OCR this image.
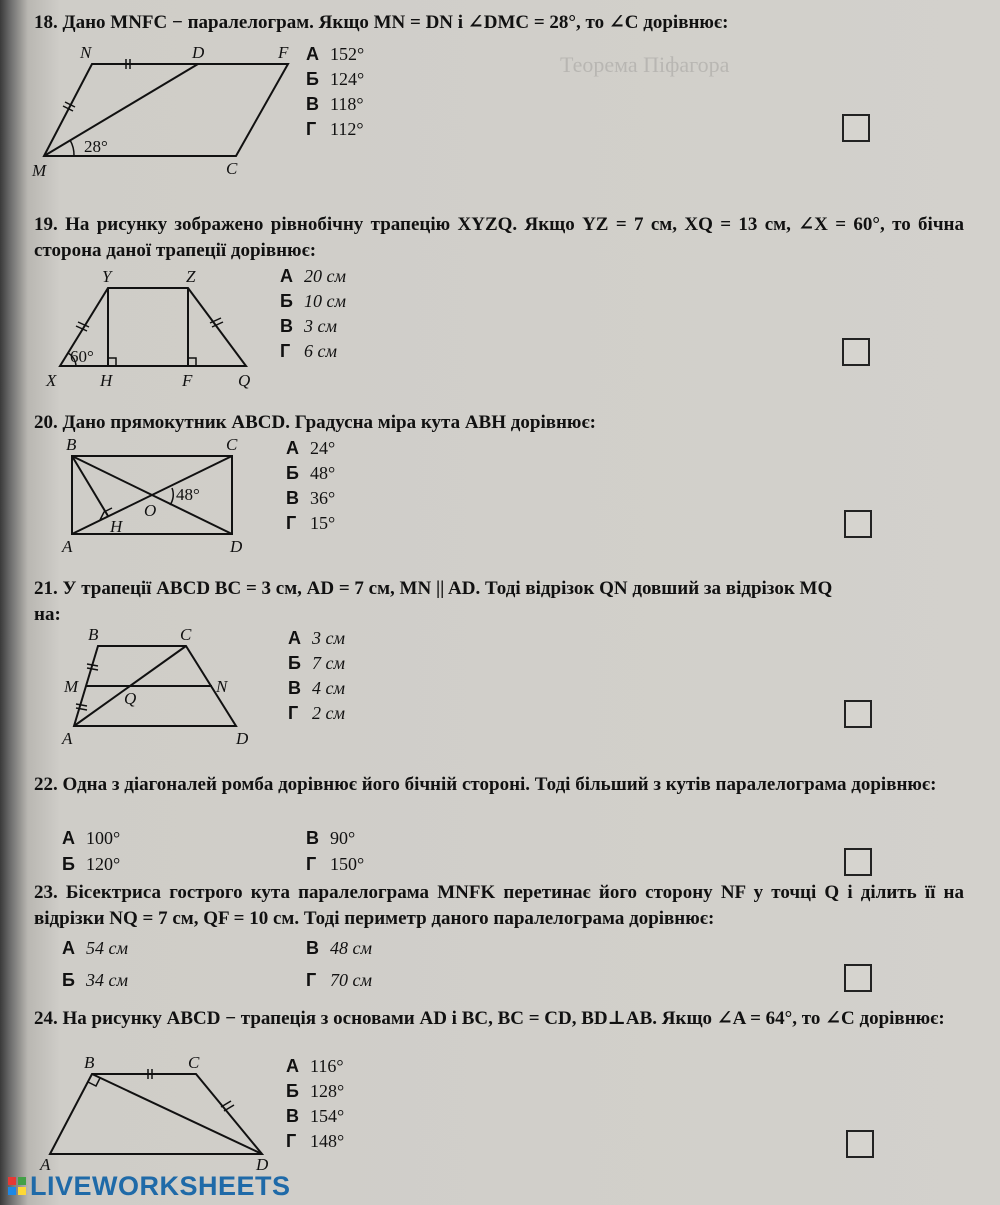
Теорема Піфагора
18. Дано MNFC − паралелограм. Якщо MN = DN і ∠DMC = 28°, то ∠C дорівнює:
N	D	F
M	C
28°
А 152°
Б 124°
В 118°
Г 112°
19. На рисунку зображено рівнобічну трапецію XYZQ. Якщо YZ = 7 см, XQ = 13 см, ∠X = 60°, то бічна сторона даної трапеції дорівнює:
Y	Z
X	H	F	Q
60°
А 20 см
Б 10 см
В 3 см
Г 6 см
20. Дано прямокутник ABCD. Градусна міра кута ABH дорівнює:
B	C
A	D
H
O
48°
А 24°
Б 48°
В 36°
Г 15°
21. У трапеції ABCD BC = 3 см, AD = 7 см, MN || AD. Тоді відрізок QN довший за відрізок MQ на:
B	C
M	N
Q
A	D
А 3 см
Б 7 см
В 4 см
Г 2 см
22. Одна з діагоналей ромба дорівнює його бічній стороні. Тоді більший з кутів паралелограма дорівнює:
А 100°	В 90°
Б 120°	Г 150°
23. Бісектриса гострого кута паралелограма MNFK перетинає його сторону NF у точці Q і ділить її на відрізки NQ = 7 см, QF = 10 см. Тоді периметр даного паралелограма дорівнює:
А 54 см	В 48 см
Б 34 см	Г 70 см
24. На рисунку ABCD − трапеція з основами AD і BC, BC = CD, BD⊥AB. Якщо ∠A = 64°, то ∠C дорівнює:
B	C
A	D
А 116°
Б 128°
В 154°
Г 148°
LIVEWORKSHEETS
